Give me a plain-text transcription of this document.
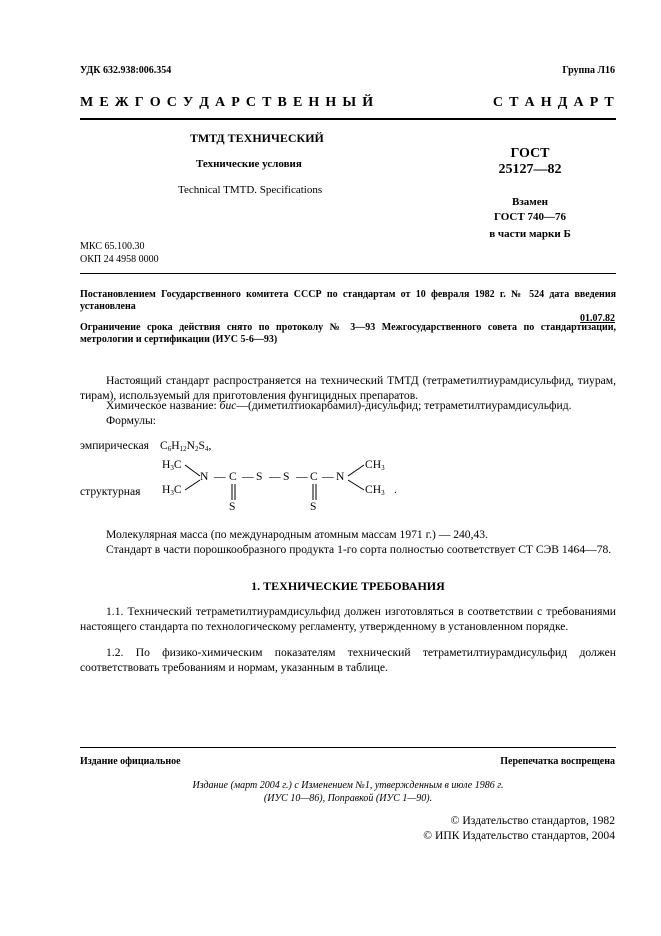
УДК 632.938:006.354	Группа Л16
М Е Ж Г О С У Д А Р С Т В Е Н Н Ы Й	С Т А Н Д А Р Т
ТМТД ТЕХНИЧЕСКИЙ
Технические условия
Technical TMTD. Specifications
ГОСТ
25127—82
Взамен
ГОСТ 740—76
в части марки Б
МКС 65.100.30
ОКП 24 4958 0000
Постановлением Государственного комитета СССР по стандартам от 10 февраля 1982 г. № 524 дата введения установлена
01.07.82
Ограничение срока действия снято по протоколу № 3—93 Межгосударственного совета по стандартизации, метрологии и сертификации (ИУС 5-6—93)
Настоящий стандарт распространяется на технический ТМТД (тетраметилтиурамдисульфид, тиурам, тирам), используемый для приготовления фунгицидных препаратов.
Химическое название: бис—(диметилтиокарбамил)-дисульфид; тетраметилтиурамдисульфид.
Формулы:
эмпирическая $C_6H_{12}N_2S_4$,
структурная
$H_3C$
$H_3C$
N — C — S — S — C — N
$CH_3$
$CH_3$ .
S	S
Молекулярная масса (по международным атомным массам 1971 г.) — 240,43.
Стандарт в части порошкообразного продукта 1-го сорта полностью соответствует СТ СЭВ 1464—78.
1. ТЕХНИЧЕСКИЕ ТРЕБОВАНИЯ
1.1. Технический тетраметилтиурамдисульфид должен изготовляться в соответствии с требованиями настоящего стандарта по технологическому регламенту, утвержденному в установленном порядке.
1.2. По физико-химическим показателям технический тетраметилтиурамдисульфид должен соответствовать требованиям и нормам, указанным в таблице.
Издание официальное	Перепечатка воспрещена
Издание (март 2004 г.) с Изменением №1, утвержденным в июле 1986 г.
(ИУС 10—86), Поправкой (ИУС 1—90).
© Издательство стандартов, 1982
© ИПК Издательство стандартов, 2004
